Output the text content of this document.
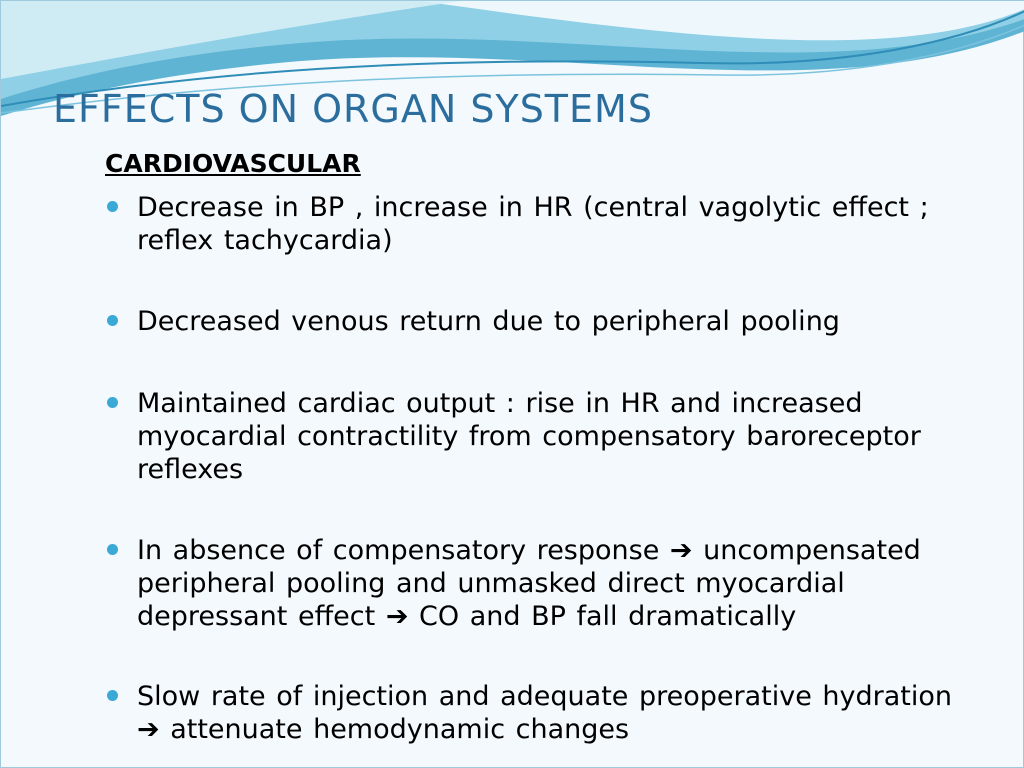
EFFECTS ON ORGAN SYSTEMS
CARDIOVASCULAR
Decrease in BP , increase in HR (central vagolytic effect ; reflex tachycardia)
Decreased venous return due to peripheral pooling
Maintained cardiac output : rise in HR and increased myocardial contractility from compensatory baroreceptor reflexes
In absence of compensatory response ➔ uncompensated peripheral pooling and unmasked direct myocardial depressant effect ➔ CO and BP fall dramatically
Slow rate of injection and adequate preoperative hydration ➔ attenuate hemodynamic changes
